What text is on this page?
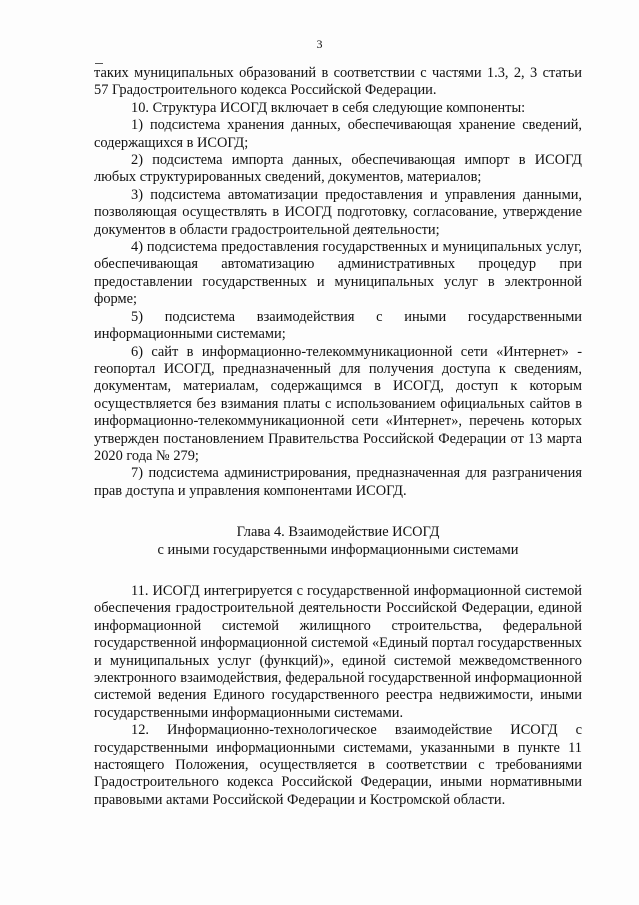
3

таких муниципальных образований в соответствии с частями 1.3, 2, 3 статьи 57 Градостроительного кодекса Российской Федерации.

10. Структура ИСОГД включает в себя следующие компоненты:

1) подсистема хранения данных, обеспечивающая хранение сведений, содержащихся в ИСОГД;

2) подсистема импорта данных, обеспечивающая импорт в ИСОГД любых структурированных сведений, документов, материалов;

3) подсистема автоматизации предоставления и управления данными, позволяющая осуществлять в ИСОГД подготовку, согласование, утверждение документов в области градостроительной деятельности;

4) подсистема предоставления государственных и муниципальных услуг, обеспечивающая автоматизацию административных процедур при предоставлении государственных и муниципальных услуг в электронной форме;

5) подсистема взаимодействия с иными государственными информационными системами;

6) сайт в информационно-телекоммуникационной сети «Интернет» - геопортал ИСОГД, предназначенный для получения доступа к сведениям, документам, материалам, содержащимся в ИСОГД, доступ к которым осуществляется без взимания платы с использованием официальных сайтов в информационно-телекоммуникационной сети «Интернет», перечень которых утвержден постановлением Правительства Российской Федерации от 13 марта 2020 года № 279;

7) подсистема администрирования, предназначенная для разграничения прав доступа и управления компонентами ИСОГД.

Глава 4. Взаимодействие ИСОГД

с иными государственными информационными системами

11. ИСОГД интегрируется с государственной информационной системой обеспечения градостроительной деятельности Российской Федерации, единой информационной системой жилищного строительства, федеральной государственной информационной системой «Единый портал государственных и муниципальных услуг (функций)», единой системой межведомственного электронного взаимодействия, федеральной государственной информационной системой ведения Единого государственного реестра недвижимости, иными государственными информационными системами.

12. Информационно-технологическое взаимодействие ИСОГД с государственными информационными системами, указанными в пункте 11 настоящего Положения, осуществляется в соответствии с требованиями Градостроительного кодекса Российской Федерации, иными нормативными правовыми актами Российской Федерации и Костромской области.
